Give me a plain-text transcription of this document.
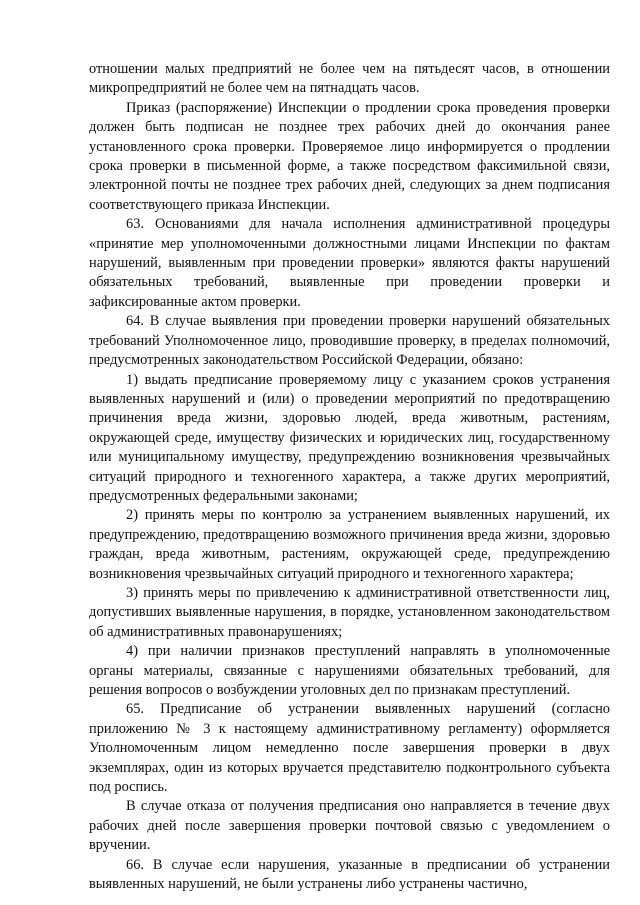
отношении малых предприятий не более чем на пятьдесят часов, в отношении микропредприятий не более чем на пятнадцать часов.

Приказ (распоряжение) Инспекции о продлении срока проведения проверки должен быть подписан не позднее трех рабочих дней до окончания ранее установленного срока проверки. Проверяемое лицо информируется о продлении срока проверки в письменной форме, а также посредством факсимильной связи, электронной почты не позднее трех рабочих дней, следующих за днем подписания соответствующего приказа Инспекции.

63. Основаниями для начала исполнения административной процедуры «принятие мер уполномоченными должностными лицами Инспекции по фактам нарушений, выявленным при проведении проверки» являются факты нарушений обязательных требований, выявленные при проведении проверки и зафиксированные актом проверки.

64. В случае выявления при проведении проверки нарушений обязательных требований Уполномоченное лицо, проводившие проверку, в пределах полномочий, предусмотренных законодательством Российской Федерации, обязано:

1) выдать предписание проверяемому лицу с указанием сроков устранения выявленных нарушений и (или) о проведении мероприятий по предотвращению причинения вреда жизни, здоровью людей, вреда животным, растениям, окружающей среде, имуществу физических и юридических лиц, государственному или муниципальному имуществу, предупреждению возникновения чрезвычайных ситуаций природного и техногенного характера, а также других мероприятий, предусмотренных федеральными законами;

2) принять меры по контролю за устранением выявленных нарушений, их предупреждению, предотвращению возможного причинения вреда жизни, здоровью граждан, вреда животным, растениям, окружающей среде, предупреждению возникновения чрезвычайных ситуаций природного и техногенного характера;

3) принять меры по привлечению к административной ответственности лиц, допустивших выявленные нарушения, в порядке, установленном законодательством об административных правонарушениях;

4) при наличии признаков преступлений направлять в уполномоченные органы материалы, связанные с нарушениями обязательных требований, для решения вопросов о возбуждении уголовных дел по признакам преступлений.

65. Предписание об устранении выявленных нарушений (согласно приложению № 3 к настоящему административному регламенту) оформляется Уполномоченным лицом немедленно после завершения проверки в двух экземплярах, один из которых вручается представителю подконтрольного субъекта под роспись.

В случае отказа от получения предписания оно направляется в течение двух рабочих дней после завершения проверки почтовой связью с уведомлением о вручении.

66. В случае если нарушения, указанные в предписании об устранении выявленных нарушений, не были устранены либо устранены частично,
